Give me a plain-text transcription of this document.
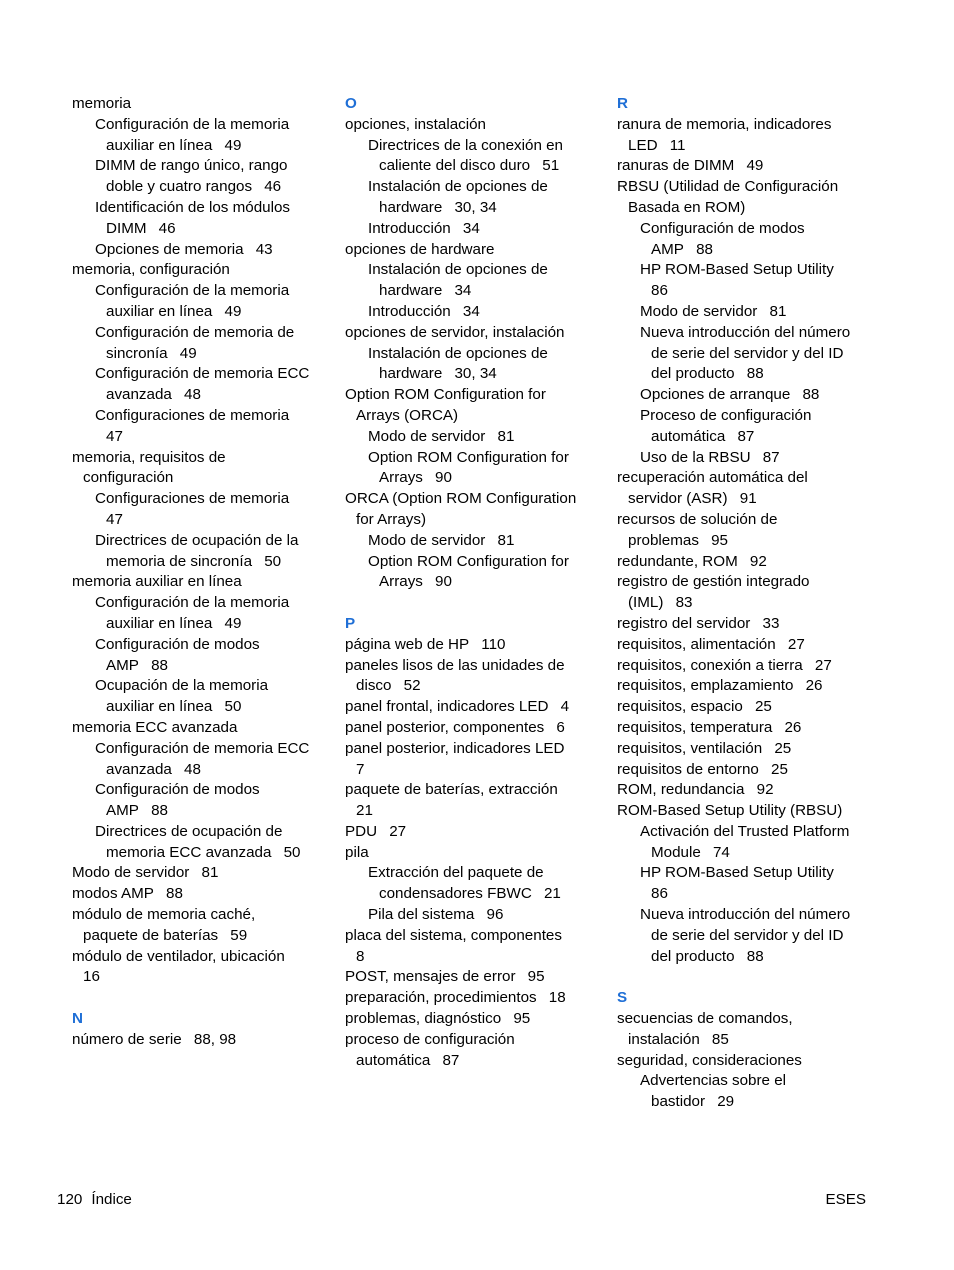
memoria
Configuración de la memoria
auxiliar en línea 49
DIMM de rango único, rango
doble y cuatro rangos 46
Identificación de los módulos
DIMM 46
Opciones de memoria 43
memoria, configuración
Configuración de la memoria
auxiliar en línea 49
Configuración de memoria de
sincronía 49
Configuración de memoria ECC
avanzada 48
Configuraciones de memoria
47
memoria, requisitos de
configuración
Configuraciones de memoria
47
Directrices de ocupación de la
memoria de sincronía 50
memoria auxiliar en línea
Configuración de la memoria
auxiliar en línea 49
Configuración de modos
AMP 88
Ocupación de la memoria
auxiliar en línea 50
memoria ECC avanzada
Configuración de memoria ECC
avanzada 48
Configuración de modos
AMP 88
Directrices de ocupación de
memoria ECC avanzada 50
Modo de servidor 81
modos AMP 88
módulo de memoria caché,
paquete de baterías 59
módulo de ventilador, ubicación
16
N
número de serie 88, 98
O
opciones, instalación
Directrices de la conexión en
caliente del disco duro 51
Instalación de opciones de
hardware 30, 34
Introducción 34
opciones de hardware
Instalación de opciones de
hardware 34
Introducción 34
opciones de servidor, instalación
Instalación de opciones de
hardware 30, 34
Option ROM Configuration for
Arrays (ORCA)
Modo de servidor 81
Option ROM Configuration for
Arrays 90
ORCA (Option ROM Configuration
for Arrays)
Modo de servidor 81
Option ROM Configuration for
Arrays 90
P
página web de HP 110
paneles lisos de las unidades de
disco 52
panel frontal, indicadores LED 4
panel posterior, componentes 6
panel posterior, indicadores LED
7
paquete de baterías, extracción
21
PDU 27
pila
Extracción del paquete de
condensadores FBWC 21
Pila del sistema 96
placa del sistema, componentes
8
POST, mensajes de error 95
preparación, procedimientos 18
problemas, diagnóstico 95
proceso de configuración
automática 87
R
ranura de memoria, indicadores
LED 11
ranuras de DIMM 49
RBSU (Utilidad de Configuración
Basada en ROM)
Configuración de modos
AMP 88
HP ROM-Based Setup Utility
86
Modo de servidor 81
Nueva introducción del número
de serie del servidor y del ID
del producto 88
Opciones de arranque 88
Proceso de configuración
automática 87
Uso de la RBSU 87
recuperación automática del
servidor (ASR) 91
recursos de solución de
problemas 95
redundante, ROM 92
registro de gestión integrado
(IML) 83
registro del servidor 33
requisitos, alimentación 27
requisitos, conexión a tierra 27
requisitos, emplazamiento 26
requisitos, espacio 25
requisitos, temperatura 26
requisitos, ventilación 25
requisitos de entorno 25
ROM, redundancia 92
ROM-Based Setup Utility (RBSU)
Activación del Trusted Platform
Module 74
HP ROM-Based Setup Utility
86
Nueva introducción del número
de serie del servidor y del ID
del producto 88
S
secuencias de comandos,
instalación 85
seguridad, consideraciones
Advertencias sobre el
bastidor 29
120 Índice	ESES
